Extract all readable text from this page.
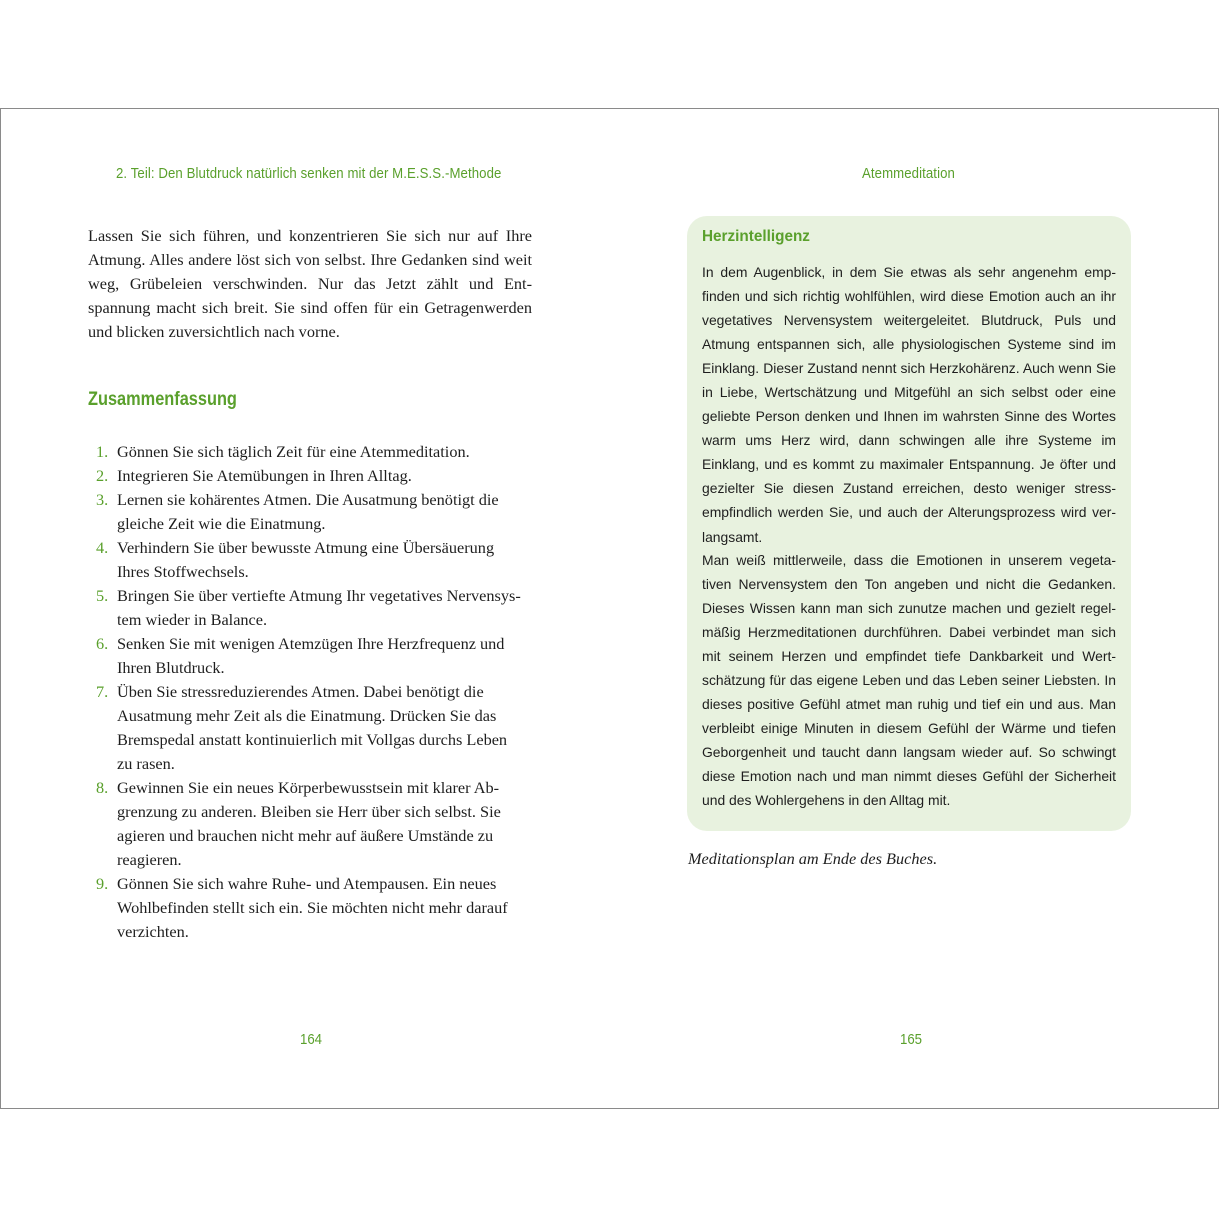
2. Teil: Den Blutdruck natürlich senken mit der M.E.S.S.-Methode	Atemmeditation

Lassen Sie sich führen, und konzentrieren Sie sich nur auf Ihre Atmung. Alles andere löst sich von selbst. Ihre Gedanken sind weit weg, Grübeleien verschwinden. Nur das Jetzt zählt und Ent- spannung macht sich breit. Sie sind offen für ein Getragenwerden und blicken zuversichtlich nach vorne.

Zusammenfassung
1. Gönnen Sie sich täglich Zeit für eine Atemmeditation.
2. Integrieren Sie Atemübungen in Ihren Alltag.
3. Lernen sie kohärentes Atmen. Die Ausatmung benötigt die
gleiche Zeit wie die Einatmung.
4. Verhindern Sie über bewusste Atmung eine Übersäuerung
Ihres Stoffwechsels.
5. Bringen Sie über vertiefte Atmung Ihr vegetatives Nervensys-
tem wieder in Balance.
6. Senken Sie mit wenigen Atemzügen Ihre Herzfrequenz und
Ihren Blutdruck.
7. Üben Sie stressreduzierendes Atmen. Dabei benötigt die
Ausatmung mehr Zeit als die Einatmung. Drücken Sie das
Bremspedal anstatt kontinuierlich mit Vollgas durchs Leben
zu rasen.
8. Gewinnen Sie ein neues Körperbewusstsein mit klarer Ab-
grenzung zu anderen. Bleiben sie Herr über sich selbst. Sie
agieren und brauchen nicht mehr auf äußere Umstände zu
reagieren.
9. Gönnen Sie sich wahre Ruhe- und Atempausen. Ein neues
Wohlbefinden stellt sich ein. Sie möchten nicht mehr darauf
verzichten.
164
Herzintelligenz

In dem Augenblick, in dem Sie etwas als sehr angenehm emp- finden und sich richtig wohlfühlen, wird diese Emotion auch an ihr vegetatives Nervensystem weitergeleitet. Blutdruck, Puls und Atmung entspannen sich, alle physiologischen Systeme sind im Einklang. Dieser Zustand nennt sich Herzkohärenz. Auch wenn Sie in Liebe, Wertschätzung und Mitgefühl an sich selbst oder eine geliebte Person denken und Ihnen im wahrsten Sinne des Wortes warm ums Herz wird, dann schwingen alle ihre Systeme im Einklang, und es kommt zu maximaler Entspannung. Je öfter und gezielter Sie diesen Zustand erreichen, desto weniger stress- empfindlich werden Sie, und auch der Alterungsprozess wird ver- langsamt.

Man weiß mittlerweile, dass die Emotionen in unserem vegeta- tiven Nervensystem den Ton angeben und nicht die Gedanken. Dieses Wissen kann man sich zunutze machen und gezielt regel- mäßig Herzmeditationen durchführen. Dabei verbindet man sich mit seinem Herzen und empfindet tiefe Dankbarkeit und Wert- schätzung für das eigene Leben und das Leben seiner Liebsten. In dieses positive Gefühl atmet man ruhig und tief ein und aus. Man verbleibt einige Minuten in diesem Gefühl der Wärme und tiefen Geborgenheit und taucht dann langsam wieder auf. So schwingt diese Emotion nach und man nimmt dieses Gefühl der Sicherheit und des Wohlergehens in den Alltag mit.

Meditationsplan am Ende des Buches.

165
